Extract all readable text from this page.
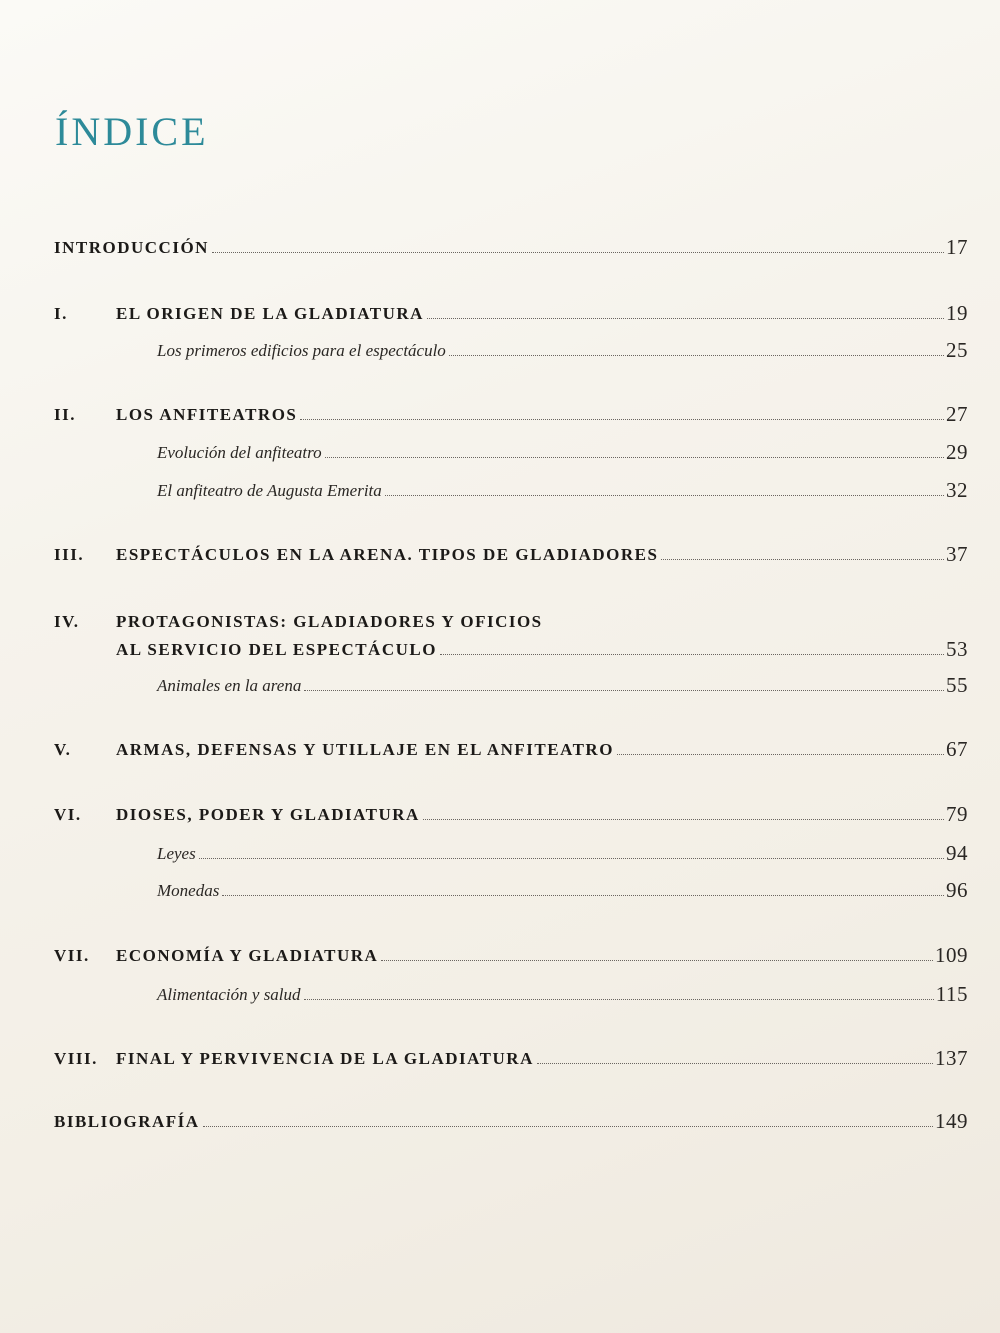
ÍNDICE
INTRODUCCIÓN	17
I.	EL ORIGEN DE LA GLADIATURA	19
Los primeros edificios para el espectáculo	25
II. LOS ANFITEATROS	27
Evolución del anfiteatro	29
El anfiteatro de Augusta Emerita	32
III. ESPECTÁCULOS EN LA ARENA. TIPOS DE GLADIADORES	37
IV. PROTAGONISTAS: GLADIADORES Y OFICIOS
AL SERVICIO DEL ESPECTÁCULO	53
Animales en la arena	55
V.	ARMAS, DEFENSAS Y UTILLAJE EN EL ANFITEATRO	67
VI. DIOSES, PODER Y GLADIATURA	79
Leyes	94
Monedas	96
VII. ECONOMÍA Y GLADIATURA	109
Alimentación y salud	115
VIII. FINAL Y PERVIVENCIA DE LA GLADIATURA	137
BIBLIOGRAFÍA	149
